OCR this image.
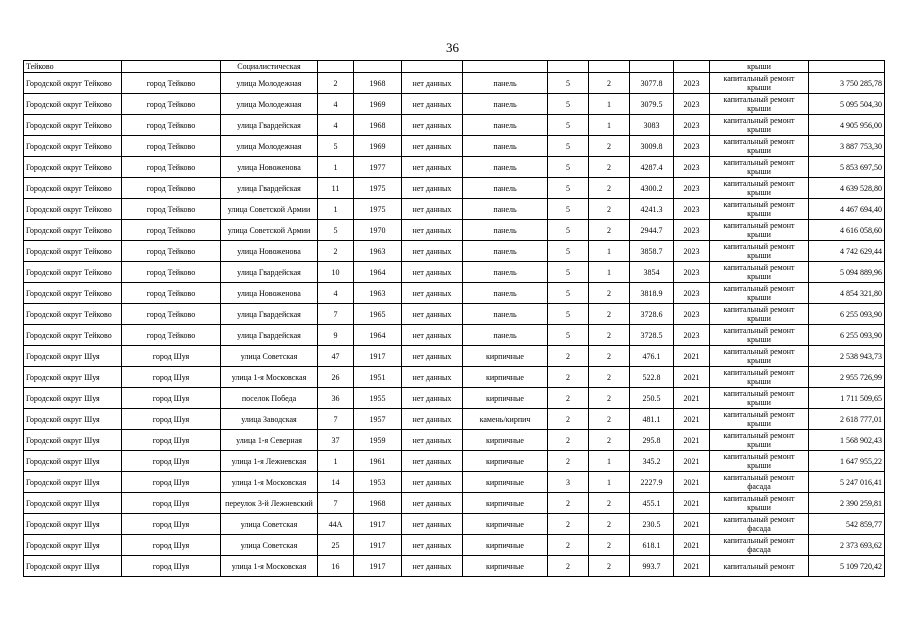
36
Тейково		Социалистическая									крыши	
Городской округ Тейково	город Тейково	улица Молодежная	2	1968	нет данных	панель	5	2	3077.8	2023	капитальный ремонт крыши	3 750 285,78
Городской округ Тейково	город Тейково	улица Молодежная	4	1969	нет данных	панель	5	1	3079.5	2023	капитальный ремонт крыши	5 095 504,30
Городской округ Тейково	город Тейково	улица Гвардейская	4	1968	нет данных	панель	5	1	3083	2023	капитальный ремонт крыши	4 905 956,00
Городской округ Тейково	город Тейково	улица Молодежная	5	1969	нет данных	панель	5	2	3009.8	2023	капитальный ремонт крыши	3 887 753,30
Городской округ Тейково	город Тейково	улица Новоженова	1	1977	нет данных	панель	5	2	4287.4	2023	капитальный ремонт крыши	5 853 697,50
Городской округ Тейково	город Тейково	улица Гвардейская	11	1975	нет данных	панель	5	2	4300.2	2023	капитальный ремонт крыши	4 639 528,80
Городской округ Тейково	город Тейково	улица Советской Армии	1	1975	нет данных	панель	5	2	4241.3	2023	капитальный ремонт крыши	4 467 694,40
Городской округ Тейково	город Тейково	улица Советской Армии	5	1970	нет данных	панель	5	2	2944.7	2023	капитальный ремонт крыши	4 616 058,60
Городской округ Тейково	город Тейково	улица Новоженова	2	1963	нет данных	панель	5	1	3858.7	2023	капитальный ремонт крыши	4 742 629,44
Городской округ Тейково	город Тейково	улица Гвардейская	10	1964	нет данных	панель	5	1	3854	2023	капитальный ремонт крыши	5 094 889,96
Городской округ Тейково	город Тейково	улица Новоженова	4	1963	нет данных	панель	5	2	3818.9	2023	капитальный ремонт крыши	4 854 321,80
Городской округ Тейково	город Тейково	улица Гвардейская	7	1965	нет данных	панель	5	2	3728.6	2023	капитальный ремонт крыши	6 255 093,90
Городской округ Тейково	город Тейково	улица Гвардейская	9	1964	нет данных	панель	5	2	3728.5	2023	капитальный ремонт крыши	6 255 093,90
Городской округ Шуя	город Шуя	улица Советская	47	1917	нет данных	кирпичные	2	2	476.1	2021	капитальный ремонт крыши	2 538 943,73
Городской округ Шуя	город Шуя	улица 1-я Московская	26	1951	нет данных	кирпичные	2	2	522.8	2021	капитальный ремонт крыши	2 955 726,99
Городской округ Шуя	город Шуя	поселок Победа	36	1955	нет данных	кирпичные	2	2	250.5	2021	капитальный ремонт крыши	1 711 509,65
Городской округ Шуя	город Шуя	улица Заводская	7	1957	нет данных	камень/кирпич	2	2	481.1	2021	капитальный ремонт крыши	2 618 777,01
Городской округ Шуя	город Шуя	улица 1-я Северная	37	1959	нет данных	кирпичные	2	2	295.8	2021	капитальный ремонт крыши	1 568 902,43
Городской округ Шуя	город Шуя	улица 1-я Лежневская	1	1961	нет данных	кирпичные	2	1	345.2	2021	капитальный ремонт крыши	1 647 955,22
Городской округ Шуя	город Шуя	улица 1-я Московская	14	1953	нет данных	кирпичные	3	1	2227.9	2021	капитальный ремонт фасада	5 247 016,41
Городской округ Шуя	город Шуя	переулок 3-й Лежневский	7	1968	нет данных	кирпичные	2	2	455.1	2021	капитальный ремонт крыши	2 390 259,81
Городской округ Шуя	город Шуя	улица Советская	44А	1917	нет данных	кирпичные	2	2	230.5	2021	капитальный ремонт фасада	542 859,77
Городской округ Шуя	город Шуя	улица Советская	25	1917	нет данных	кирпичные	2	2	618.1	2021	капитальный ремонт фасада	2 373 693,62
Городской округ Шуя	город Шуя	улица 1-я Московская	16	1917	нет данных	кирпичные	2	2	993.7	2021	капитальный ремонт	5 109 720,42
